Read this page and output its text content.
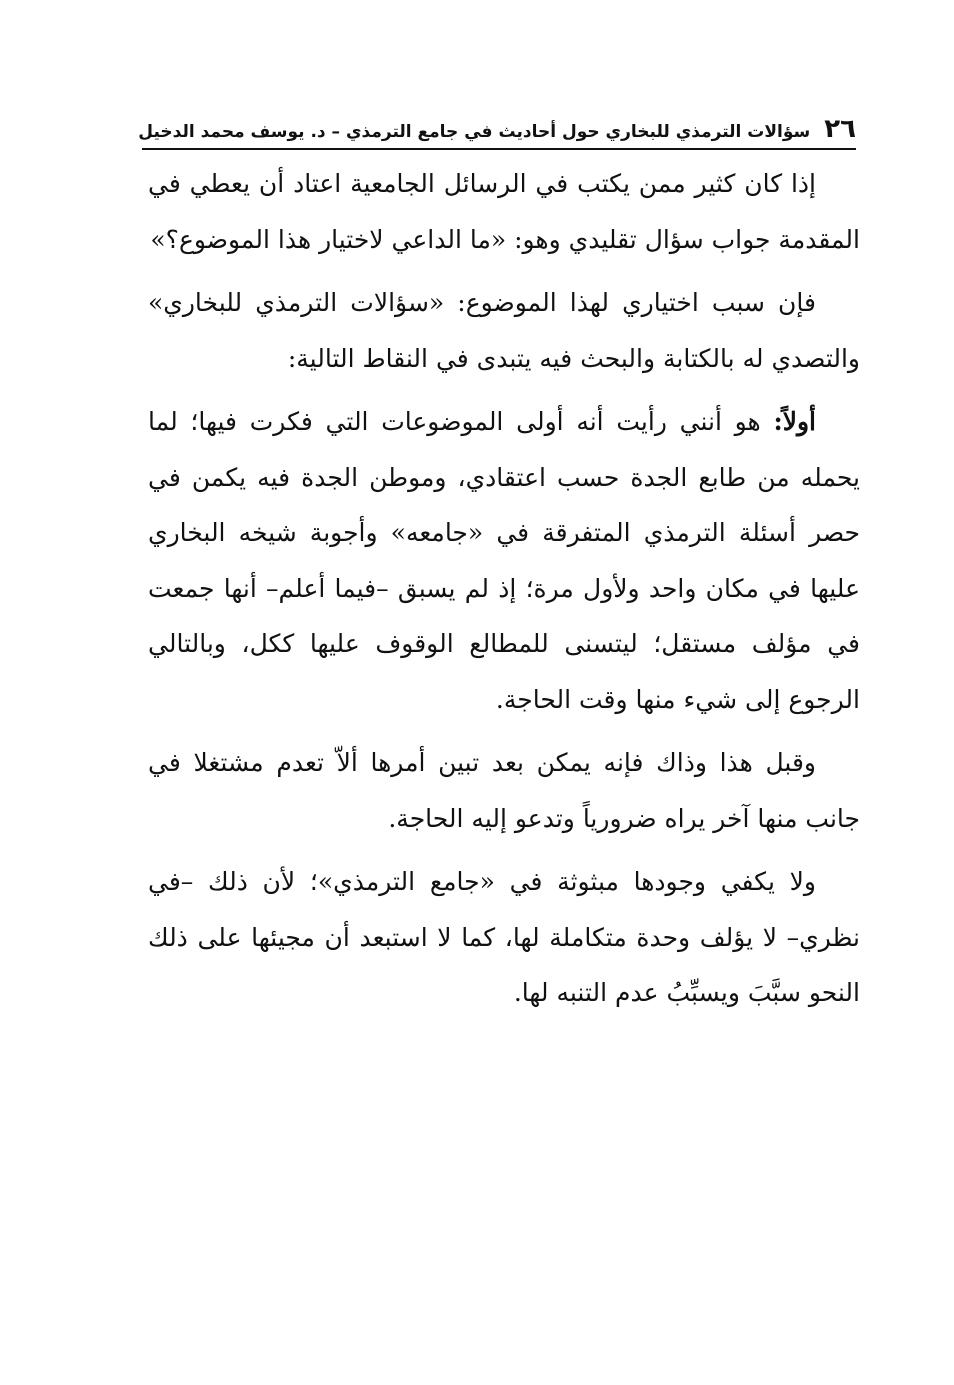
٢٦
سؤالات الترمذي للبخاري حول أحاديث في جامع الترمذي – د. يوسف محمد الدخيل

إذا كان كثير ممن يكتب في الرسائل الجامعية اعتاد أن يعطي في المقدمة جواب سؤال تقليدي وهو: «ما الداعي لاختيار هذا الموضوع؟»

فإن سبب اختياري لهذا الموضوع: «سؤالات الترمذي للبخاري» والتصدي له بالكتابة والبحث فيه يتبدى في النقاط التالية:

أولاً: هو أنني رأيت أنه أولى الموضوعات التي فكرت فيها؛ لما يحمله من طابع الجدة حسب اعتقادي، وموطن الجدة فيه يكمن في حصر أسئلة الترمذي المتفرقة في «جامعه» وأجوبة شيخه البخاري عليها في مكان واحد ولأول مرة؛ إذ لم يسبق –فيما أعلم– أنها جمعت في مؤلف مستقل؛ ليتسنى للمطالع الوقوف عليها ككل، وبالتالي الرجوع إلى شيء منها وقت الحاجة.

وقبل هذا وذاك فإنه يمكن بعد تبين أمرها ألاّ تعدم مشتغلا في جانب منها آخر يراه ضرورياً وتدعو إليه الحاجة.

ولا يكفي وجودها مبثوثة في «جامع الترمذي»؛ لأن ذلك –في نظري– لا يؤلف وحدة متكاملة لها، كما لا استبعد أن مجيئها على ذلك النحو سبَّبَ ويسبِّبُ عدم التنبه لها.
